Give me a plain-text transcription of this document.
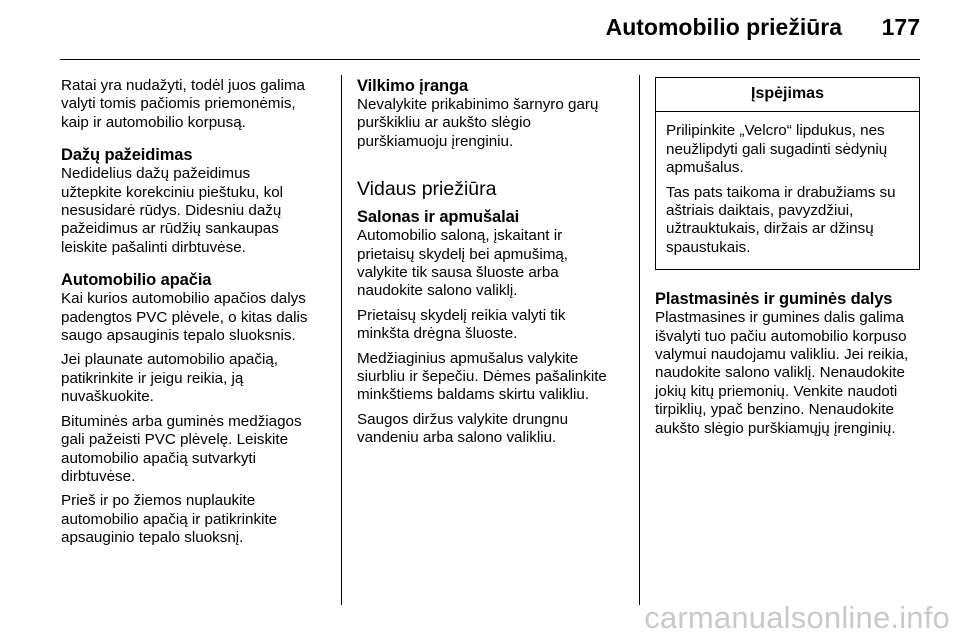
Automobilio priežiūra 177

Ratai yra nudažyti, todėl juos galima
valyti tomis pačiomis priemonėmis,
kaip ir automobilio korpusą.

Dažų pažeidimas

Nedidelius dažų pažeidimus
užtepkite korekciniu pieštuku, kol
nesusidarė rūdys. Didesniu dažų
pažeidimus ar rūdžių sankaupas
leiskite pašalinti dirbtuvėse.

Automobilio apačia

Kai kurios automobilio apačios dalys
padengtos PVC plėvele, o kitas dalis
saugo apsauginis tepalo sluoksnis.

Jei plaunate automobilio apačią,
patikrinkite ir jeigu reikia, ją
nuvaškuokite.

Bituminės arba guminės medžiagos
gali pažeisti PVC plėvelę. Leiskite
automobilio apačią sutvarkyti
dirbtuvėse.

Prieš ir po žiemos nuplaukite
automobilio apačią ir patikrinkite
apsauginio tepalo sluoksnį.

Vilkimo įranga

Nevalykite prikabinimo šarnyro garų
purškikliu ar aukšto slėgio
purškiamuoju įrenginiu.

Vidaus priežiūra
Salonas ir apmušalai

Automobilio saloną, įskaitant ir
prietaisų skydelį bei apmušimą,
valykite tik sausa šluoste arba
naudokite salono valiklį.

Prietaisų skydelį reikia valyti tik
minkšta drėgna šluoste.

Medžiaginius apmušalus valykite
siurbliu ir šepečiu. Dėmes pašalinkite
minkštiems baldams skirtu valikliu.

Saugos diržus valykite drungnu
vandeniu arba salono valikliu.

Įspėjimas

Prilipinkite „Velcro“ lipdukus, nes
neužlipdyti gali sugadinti sėdynių
apmušalus.

Tas pats taikoma ir drabužiams su
aštriais daiktais, pavyzdžiui,
užtrauktukais, diržais ar džinsų
spaustukais.

Plastmasinės ir guminės dalys

Plastmasines ir gumines dalis galima
išvalyti tuo pačiu automobilio korpuso
valymui naudojamu valikliu. Jei reikia,
naudokite salono valiklį. Nenaudokite
jokių kitų priemonių. Venkite naudoti
tirpiklių, ypač benzino. Nenaudokite
aukšto slėgio purškiamųjų įrenginių.

carmanualsonline.info
